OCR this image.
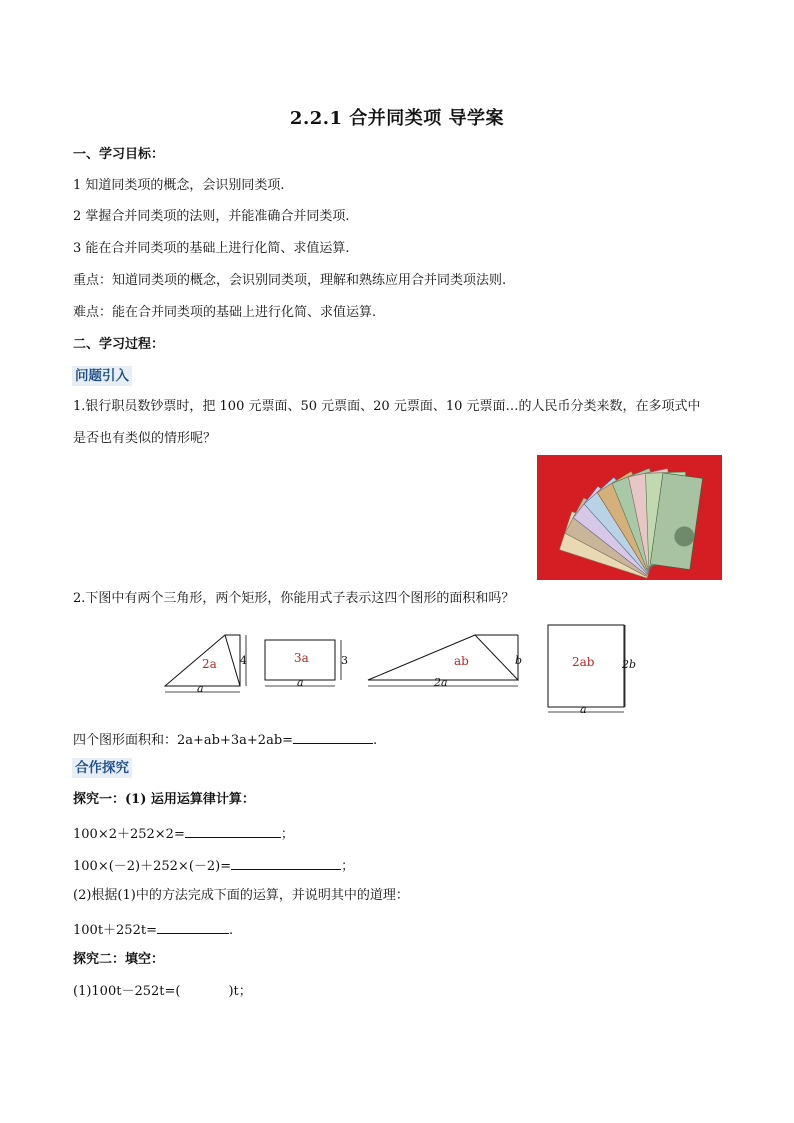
2.2.1 合并同类项 导学案
一、学习目标：
1 知道同类项的概念，会识别同类项.
2 掌握合并同类项的法则，并能准确合并同类项.
3 能在合并同类项的基础上进行化简、求值运算.
重点：知道同类项的概念，会识别同类项，理解和熟练应用合并同类项法则.
难点：能在合并同类项的基础上进行化简、求值运算.
二、学习过程：
问题引入
1.银行职员数钞票时，把 100 元票面、50 元票面、20 元票面、10 元票面…的人民币分类来数，在多项式中
是否也有类似的情形呢？
2.下图中有两个三角形，两个矩形，你能用式子表示这四个图形的面积和吗？
2a 4
a
3a	3
a
ab	b
2a
2ab	2b
a
四个图形面积和：2a+ab+3a+2ab=	.
合作探究
探究一：(1) 运用运算律计算：
100×2＋252×2=	；
100×(－2)＋252×(－2)=	；
(2)根据(1)中的方法完成下面的运算，并说明其中的道理：
100t＋252t=	.
探究二：填空：
(1)100t－252t=(	)t；
